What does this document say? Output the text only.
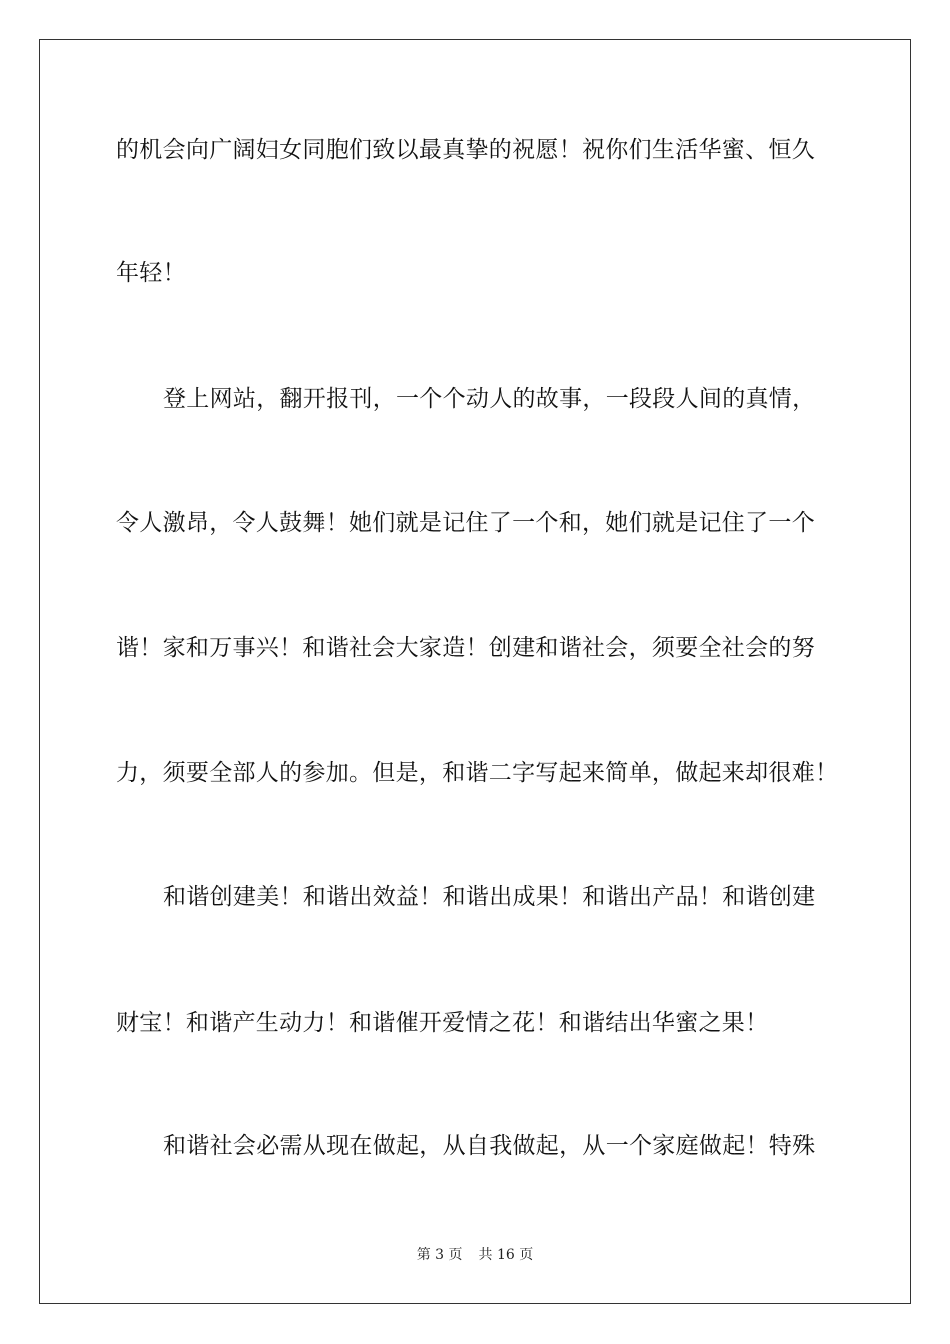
的机会向广阔妇女同胞们致以最真挚的祝愿！祝你们生活华蜜、恒久
年轻！
登上网站，翻开报刊，一个个动人的故事，一段段人间的真情，
令人激昂，令人鼓舞！她们就是记住了一个和，她们就是记住了一个
谐！家和万事兴！和谐社会大家造！创建和谐社会，须要全社会的努
力，须要全部人的参加。但是，和谐二字写起来简单，做起来却很难！
和谐创建美！和谐出效益！和谐出成果！和谐出产品！和谐创建
财宝！和谐产生动力！和谐催开爱情之花！和谐结出华蜜之果！
和谐社会必需从现在做起，从自我做起，从一个家庭做起！特殊
第 3 页 共 16 页
